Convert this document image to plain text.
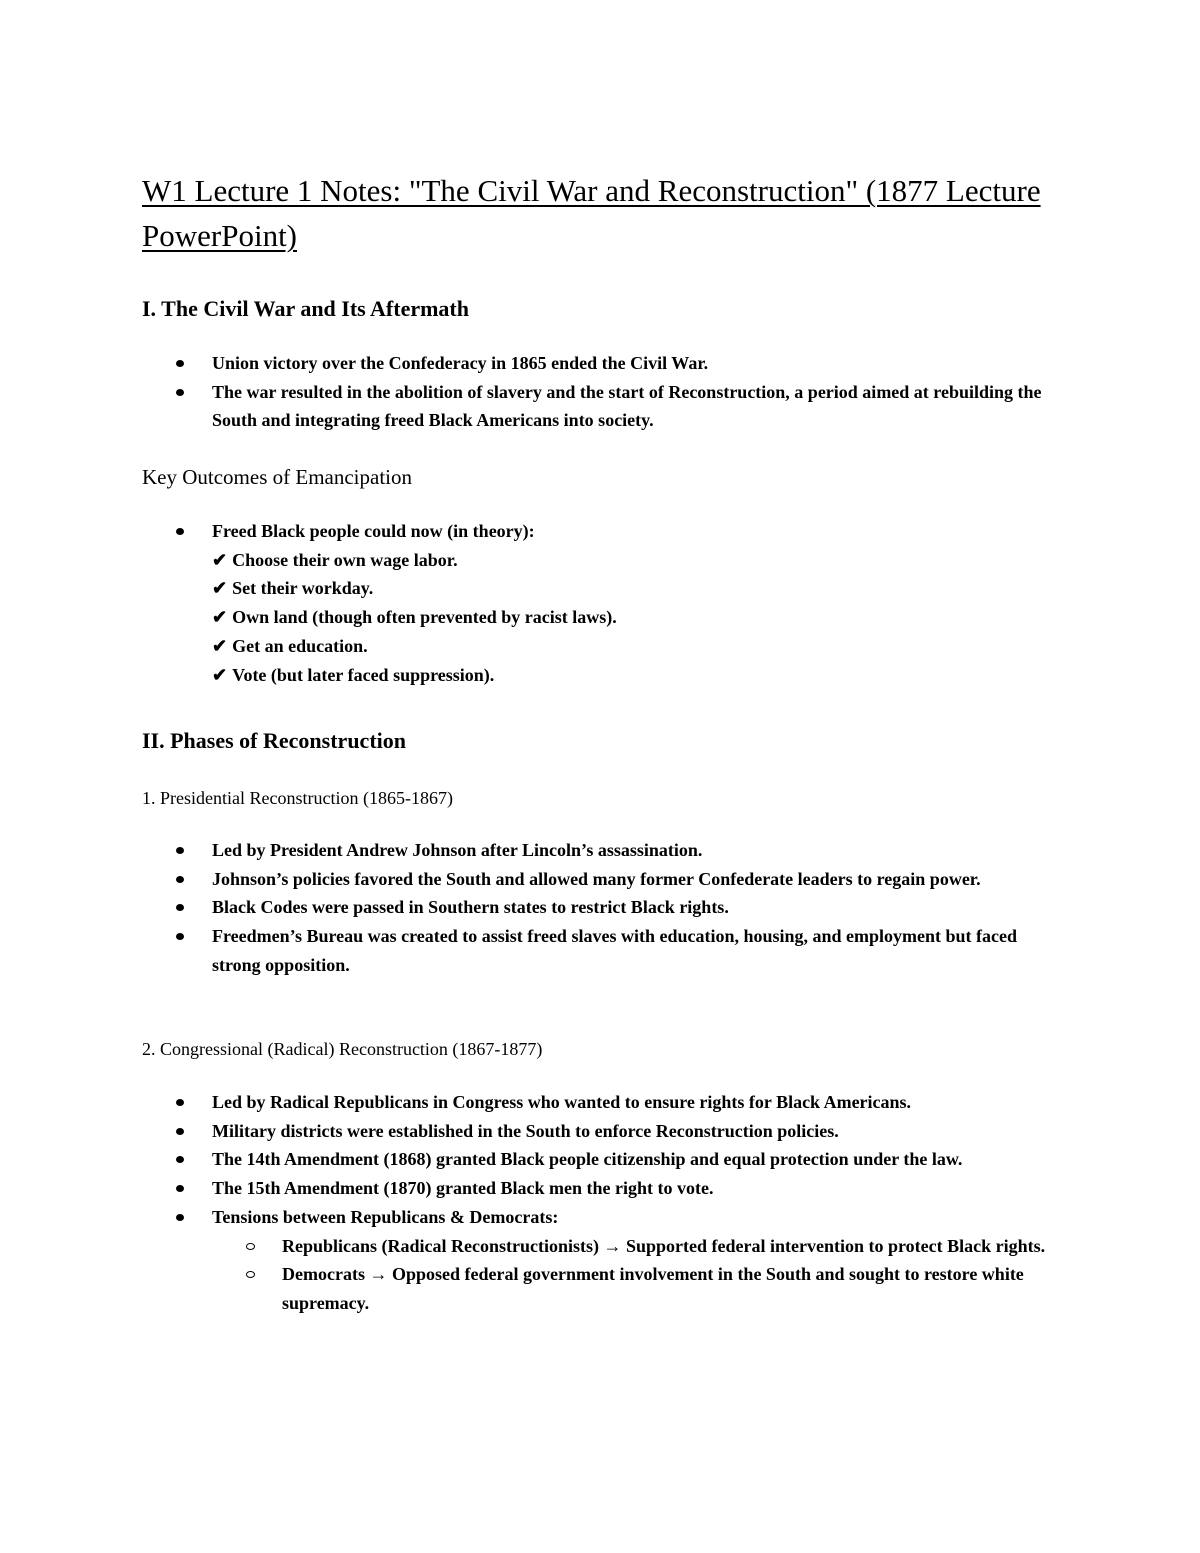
W1 Lecture 1 Notes: "The Civil War and Reconstruction" (1877 Lecture PowerPoint)
I. The Civil War and Its Aftermath
Union victory over the Confederacy in 1865 ended the Civil War.
The war resulted in the abolition of slavery and the start of Reconstruction, a period aimed at rebuilding the South and integrating freed Black Americans into society.
Key Outcomes of Emancipation
Freed Black people could now (in theory):
✔ Choose their own wage labor.
✔ Set their workday.
✔ Own land (though often prevented by racist laws).
✔ Get an education.
✔ Vote (but later faced suppression).
II. Phases of Reconstruction
1. Presidential Reconstruction (1865-1867)
Led by President Andrew Johnson after Lincoln’s assassination.
Johnson’s policies favored the South and allowed many former Confederate leaders to regain power.
Black Codes were passed in Southern states to restrict Black rights.
Freedmen’s Bureau was created to assist freed slaves with education, housing, and employment but faced strong opposition.
2. Congressional (Radical) Reconstruction (1867-1877)
Led by Radical Republicans in Congress who wanted to ensure rights for Black Americans.
Military districts were established in the South to enforce Reconstruction policies.
The 14th Amendment (1868) granted Black people citizenship and equal protection under the law.
The 15th Amendment (1870) granted Black men the right to vote.
Tensions between Republicans & Democrats:
Republicans (Radical Reconstructionists) → Supported federal intervention to protect Black rights.
Democrats → Opposed federal government involvement in the South and sought to restore white supremacy.
